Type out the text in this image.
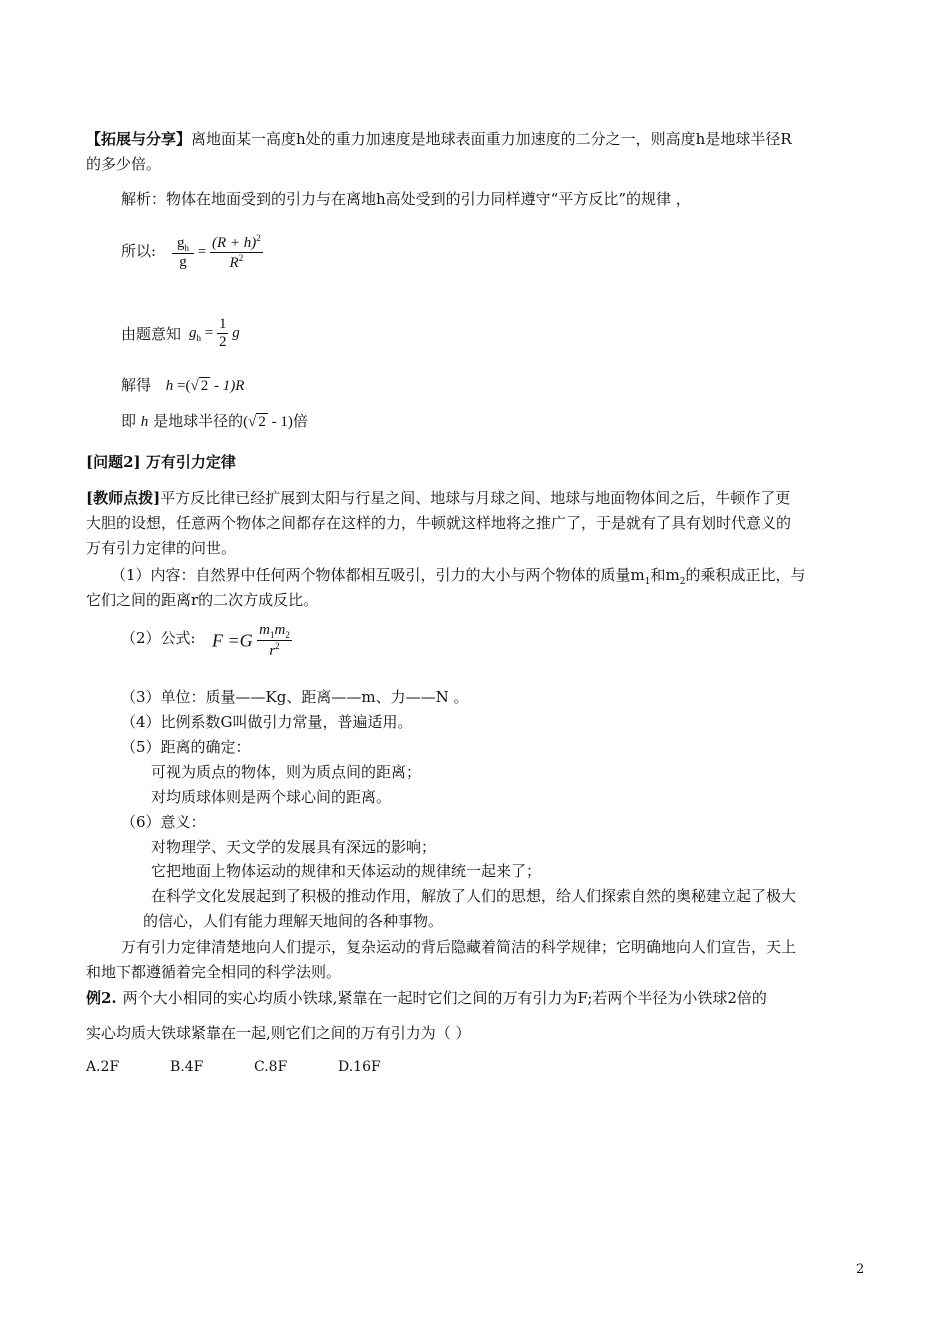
【拓展与分享】离地面某一高度h处的重力加速度是地球表面重力加速度的二分之一，则高度h是地球半径R
的多少倍。
解析：物体在地面受到的引力与在离地h高处受到的引力同样遵守“平方反比”的规律 ，
所以: $\frac{g_h}{g} = \frac{(R + h)^2}{R^2}$
由题意知 $g_h = \frac{1}{2}$ g
解得 h =(√ 2 - 1)R
即 h 是地球半径的(√ 2 - 1)倍
[问题2] 万有引力定律
[教师点拨]平方反比律已经扩展到太阳与行星之间、地球与月球之间、地球与地面物体间之后，牛顿作了更
大胆的设想，任意两个物体之间都存在这样的力，牛顿就这样地将之推广了，于是就有了具有划时代意义的
万有引力定律的问世。
（1）内容：自然界中任何两个物体都相互吸引，引力的大小与两个物体的质量$m_1$和$m_2$的乘积成正比，与
它们之间的距离r的二次方成反比。
（2）公式: $F =G \frac{m_1m_2}{r^2}$
（3）单位：质量——Kg、距离——m、力——N 。
（4）比例系数G叫做引力常量，普遍适用。
（5）距离的确定：
可视为质点的物体，则为质点间的距离；
对均质球体则是两个球心间的距离。
（6）意义：
对物理学、天文学的发展具有深远的影响；
它把地面上物体运动的规律和天体运动的规律统一起来了；
在科学文化发展起到了积极的推动作用，解放了人们的思想，给人们探索自然的奥秘建立起了极大
的信心，人们有能力理解天地间的各种事物。
万有引力定律清楚地向人们提示，复杂运动的背后隐藏着简洁的科学规律；它明确地向人们宣告，天上
和地下都遵循着完全相同的科学法则。
例2. 两个大小相同的实心均质小铁球,紧靠在一起时它们之间的万有引力为F;若两个半径为小铁球2倍的
实心均质大铁球紧靠在一起,则它们之间的万有引力为（ ）
A.2F	B.4F	C.8F	D.16F
2
